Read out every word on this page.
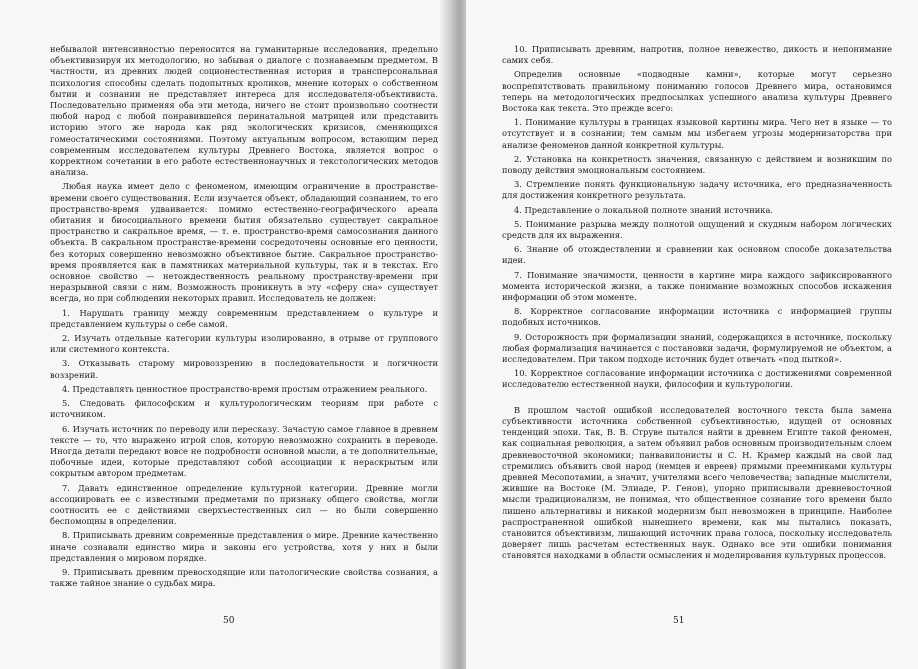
небывалой интенсивностью переносится на гуманитарные исследования, предельно объективизируя их методологию, но забывая о диалоге с познаваемым предметом. В частности, из древних людей соционестественная история и трансперсональная психология способны сделать подопытных кроликов, мнение которых о собственном бытии и сознании не представляет интереса для исследователя-объективиста. Последовательно применяя оба эти метода, ничего не стоит произвольно соотнести любой народ с любой понравившейся перинатальной матрицей или представить историю этого же народа как ряд экологических кризисов, сменяющихся гомеостатическими состояниями. Поэтому актуальным вопросом, встающим перед современным исследователем культуры Древнего Востока, является вопрос о корректном сочетании в его работе естественнонаучных и текстологических методов анализа.

Любая наука имеет дело с феноменом, имеющим ограничение в пространстве-времени своего существования. Если изучается объект, обладающий сознанием, то его пространство-время удваивается: помимо естественно-географического ареала обитания и биосоциального времени бытия обязательно существует сакральное пространство и сакральное время, — т. е. пространство-время самосознания данного объекта. В сакральном пространстве-времени сосредоточены основные его ценности, без которых совершенно невозможно объективное бытие. Сакральное пространство-время проявляется как в памятниках материальной культуры, так и в текстах. Его основное свойство — нетождественность реальному пространству-времени при неразрывной связи с ним. Возможность проникнуть в эту «сферу сна» существует всегда, но при соблюдении некоторых правил. Исследователь не должен:

1. Нарушать границу между современным представлением о культуре и представлением культуры о себе самой.

2. Изучать отдельные категории культуры изолированно, в отрыве от группового или системного контекста.

3. Отказывать старому мировоззрению в последовательности и логичности воззрений.

4. Представлять ценностное пространство-время простым отражением реального.

5. Следовать философским и культурологическим теориям при работе с источником.

6. Изучать источник по переводу или пересказу. Зачастую самое главное в древнем тексте — то, что выражено игрой слов, которую невозможно сохранить в переводе. Иногда детали передают вовсе не подробности основной мысли, а те дополнительные, побочные идеи, которые представляют собой ассоциации к нераскрытым или сокрытым автором предметам.

7. Давать единственное определение культурной категории. Древние могли ассоциировать ее с известными предметами по признаку общего свойства, могли соотносить ее с действиями сверхъестественных сил — но были совершенно беспомощны в определении.

8. Приписывать древним современные представления о мире. Древние качественно иначе сознавали единство мира и законы его устройства, хотя у них и были представления о мировом порядке.

9. Приписывать древним превосходящие или патологические свойства сознания, а также тайное знание о судьбах мира.

50

10. Приписывать древним, напротив, полное невежество, дикость и непонимание самих себя.

Определив основные «подводные камни», которые могут серьезно воспрепятствовать правильному пониманию голосов Древнего мира, остановимся теперь на методологических предпосылках успешного анализа культуры Древнего Востока как текста. Это прежде всего:

1. Понимание культуры в границах языковой картины мира. Чего нет в языке — то отсутствует и в сознании; тем самым мы избегаем угрозы модернизаторства при анализе феноменов данной конкретной культуры.

2. Установка на конкретность значения, связанную с действием и возникшим по поводу действия эмоциональным состоянием.

3. Стремление понять функциональную задачу источника, его предназначенность для достижения конкретного результата.

4. Представление о локальной полноте знаний источника.

5. Понимание разрыва между полнотой ощущений и скудным набором логических средств для их выражения.

6. Знание об отождествлении и сравнении как основном способе доказательства идеи.

7. Понимание значимости, ценности в картине мира каждого зафиксированного момента исторической жизни, а также понимание возможных способов искажения информации об этом моменте.

8. Корректное согласование информации источника с информацией группы подобных источников.

9. Осторожность при формализации знаний, содержащихся в источнике, поскольку любая формализация начинается с постановки задачи, формулируемой не объектом, а исследователем. При таком подходе источник будет отвечать «под пыткой».

10. Корректное согласование информации источника с достижениями современной исследователю естественной науки, философии и культурологии.

В прошлом частой ошибкой исследователей восточного текста была замена субъективности источника собственной субъективностью, идущей от основных тенденций эпохи. Так, В. В. Струве пытался найти в древнем Египте такой феномен, как социальная революция, а затем объявил рабов основным производительным слоем древневосточной экономики; панвавилонисты и С. Н. Крамер каждый на свой лад стремились объявить свой народ (немцев и евреев) прямыми преемниками культуры древней Месопотамии, а значит, учителями всего человечества; западные мыслители, жившие на Востоке (М. Элиаде, Р. Генон), упорно приписывали древневосточной мысли традиционализм, не понимая, что общественное сознание того времени было лишено альтернативы и никакой модернизм был невозможен в принципе. Наиболее распространенной ошибкой нынешнего времени, как мы пытались показать, становится объективизм, лишающий источник права голоса, поскольку исследователь доверяет лишь расчетам естественных наук. Однако все эти ошибки понимания становятся находками в области осмысления и моделирования культурных процессов.

51
